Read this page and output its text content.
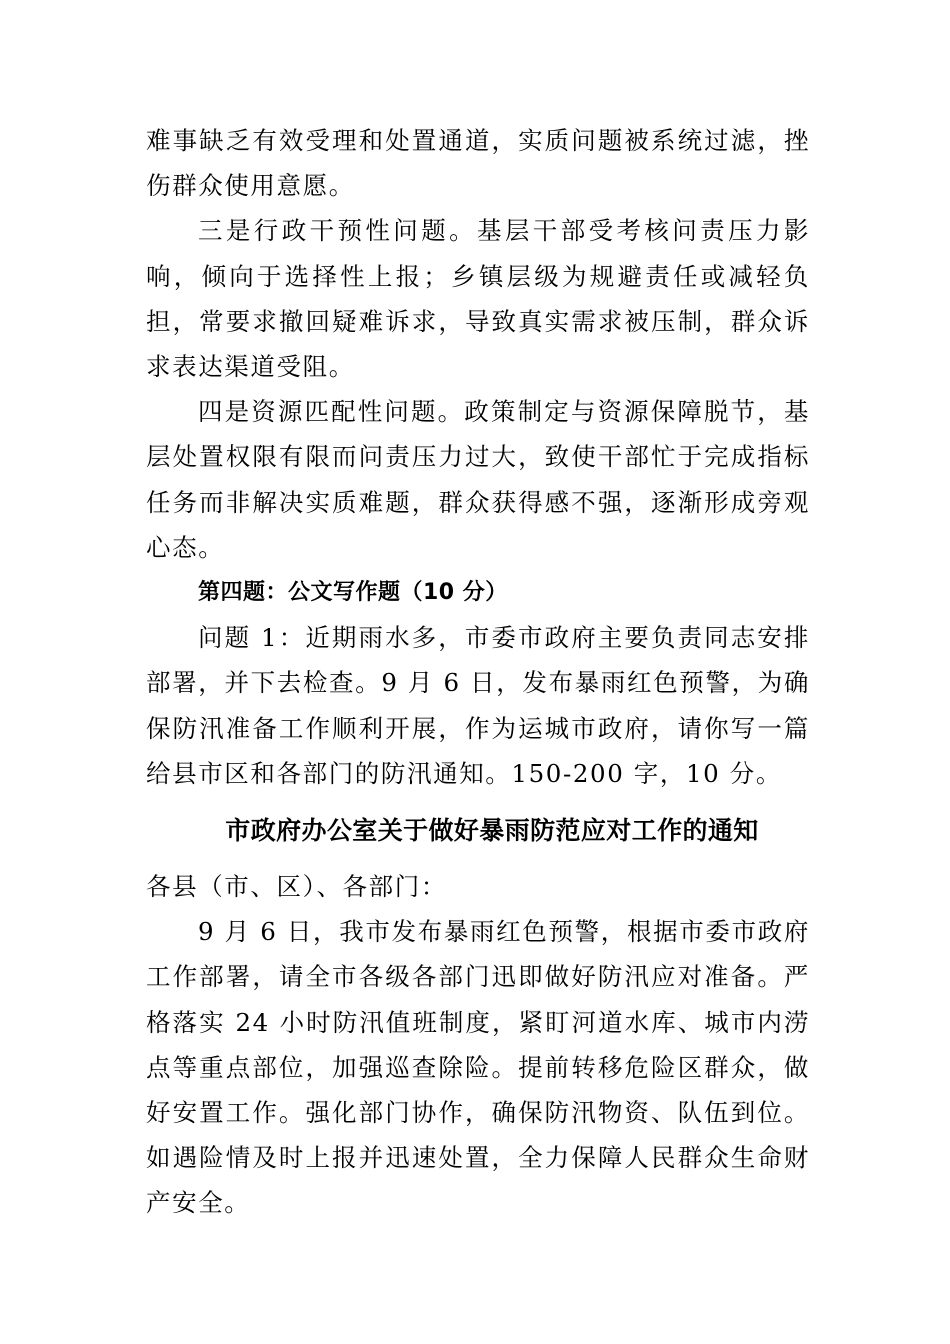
难事缺乏有效受理和处置通道，实质问题被系统过滤，挫伤群众使用意愿。

三是行政干预性问题。基层干部受考核问责压力影响，倾向于选择性上报；乡镇层级为规避责任或减轻负担，常要求撤回疑难诉求，导致真实需求被压制，群众诉求表达渠道受阻。

四是资源匹配性问题。政策制定与资源保障脱节，基层处置权限有限而问责压力过大，致使干部忙于完成指标任务而非解决实质难题，群众获得感不强，逐渐形成旁观心态。

第四题：公文写作题（10 分）

问题 1：近期雨水多，市委市政府主要负责同志安排部署，并下去检查。9 月 6 日，发布暴雨红色预警，为确保防汛准备工作顺利开展，作为运城市政府，请你写一篇给县市区和各部门的防汛通知。150-200 字，10 分。

市政府办公室关于做好暴雨防范应对工作的通知

各县（市、区）、各部门：

9 月 6 日，我市发布暴雨红色预警，根据市委市政府工作部署，请全市各级各部门迅即做好防汛应对准备。严格落实 24 小时防汛值班制度，紧盯河道水库、城市内涝点等重点部位，加强巡查除险。提前转移危险区群众，做好安置工作。强化部门协作，确保防汛物资、队伍到位。如遇险情及时上报并迅速处置，全力保障人民群众生命财产安全。
